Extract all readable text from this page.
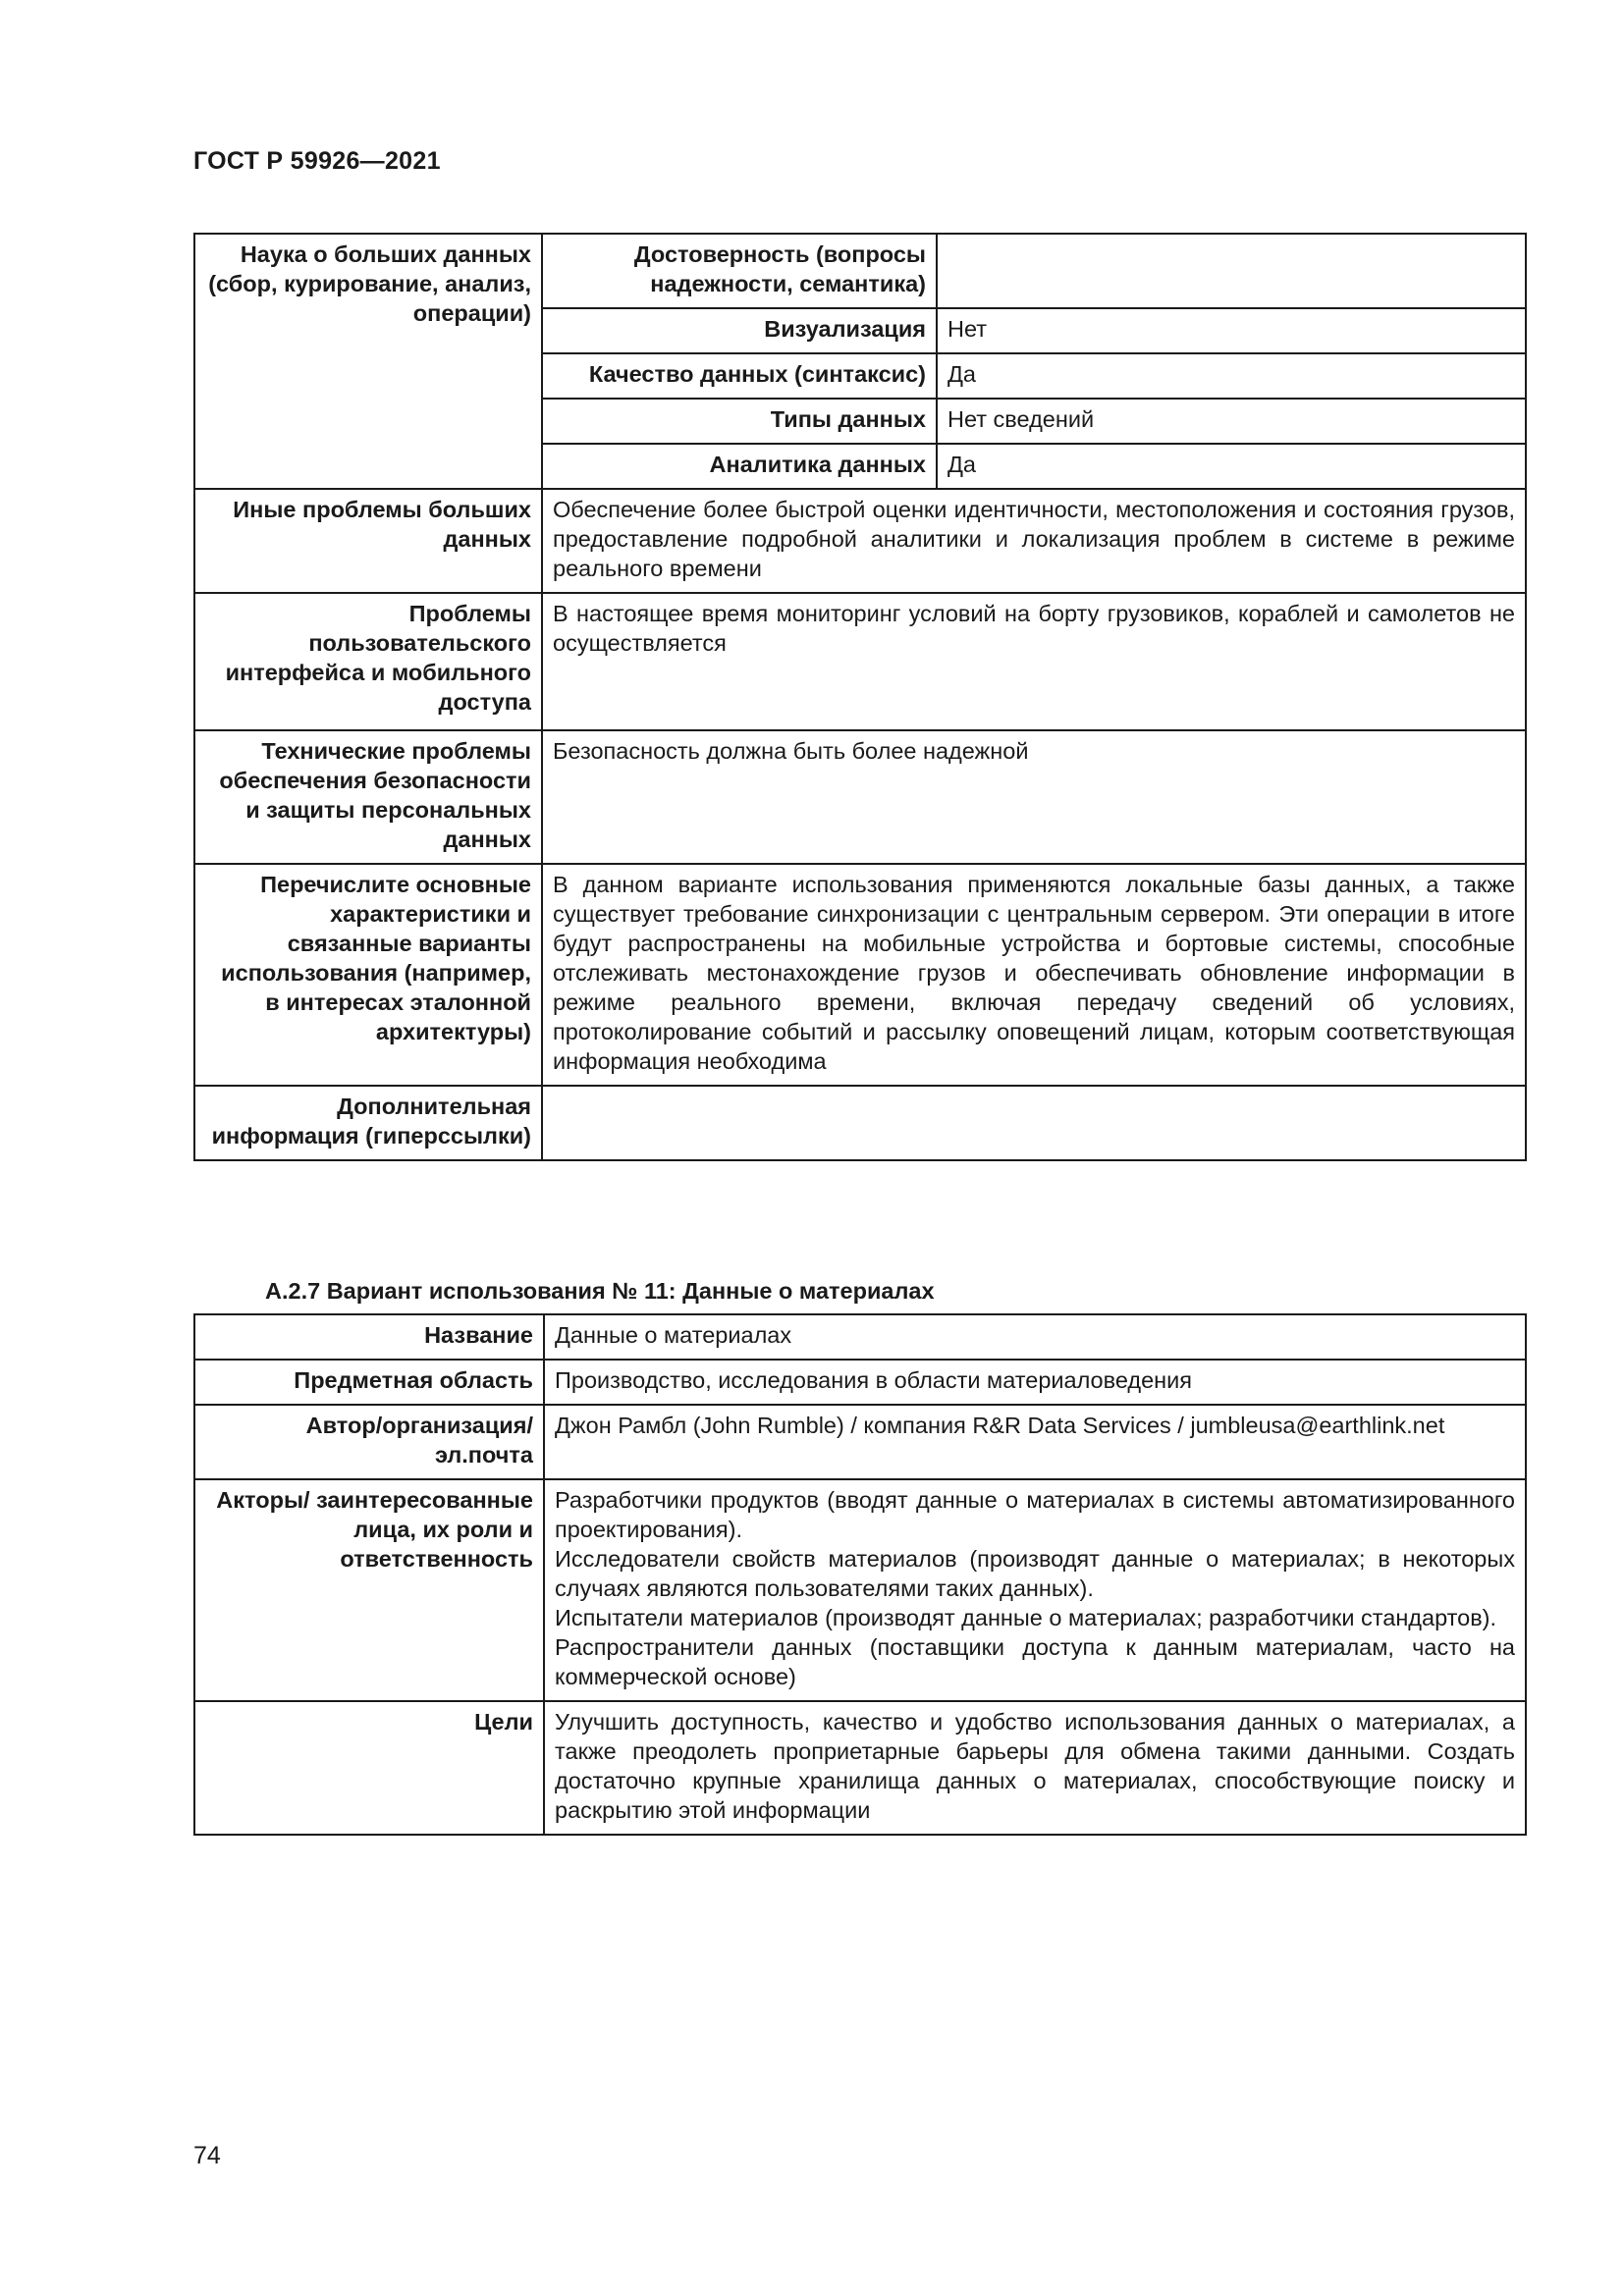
ГОСТ Р 59926—2021
Наука о больших данных (сбор, курирование, анализ, операции)	Достоверность (вопросы надежности, семантика)	
	Визуализация	Нет
	Качество данных (синтаксис)	Да
	Типы данных	Нет сведений
	Аналитика данных	Да
Иные проблемы больших данных	Обеспечение более быстрой оценки идентичности, местоположения и состояния грузов, предоставление подробной аналитики и локализация проблем в системе в режиме реального времени	
Проблемы пользовательского интерфейса и мобильного доступа	В настоящее время мониторинг условий на борту грузовиков, кораблей и самолетов не осуществляется	
Технические проблемы обеспечения безопасности и защиты персональных данных	Безопасность должна быть более надежной	
Перечислите основные характеристики и связанные варианты использования (например, в интересах эталонной архитектуры)	В данном варианте использования применяются локальные базы данных, а также существует требование синхронизации с центральным сервером. Эти операции в итоге будут распространены на мобильные устройства и бортовые системы, способные отслеживать местонахождение грузов и обеспечивать обновление информации в режиме реального времени, включая передачу сведений об условиях, протоколирование событий и рассылку оповещений лицам, которым соответствующая информация необходима	
Дополнительная информация (гиперссылки)		
А.2.7 Вариант использования № 11: Данные о материалах
Название	Данные о материалах
Предметная область	Производство, исследования в области материаловедения
Автор/организация/ эл.почта	Джон Рамбл (John Rumble) / компания R&R Data Services / jumbleusa@earthlink.net
Акторы/ заинтересованные лица, их роли и ответственность	Разработчики продуктов (вводят данные о материалах в системы автоматизированного проектирования).
Исследователи свойств материалов (производят данные о материалах; в некоторых случаях являются пользователями таких данных).
Испытатели материалов (производят данные о материалах; разработчики стандартов).
Распространители данных (поставщики доступа к данным материалам, часто на коммерческой основе)

Цели	Улучшить доступность, качество и удобство использования данных о материалах, а также преодолеть проприетарные барьеры для обмена такими данными. Создать достаточно крупные хранилища данных о материалах, способствующие поиску и раскрытию этой информации
74
